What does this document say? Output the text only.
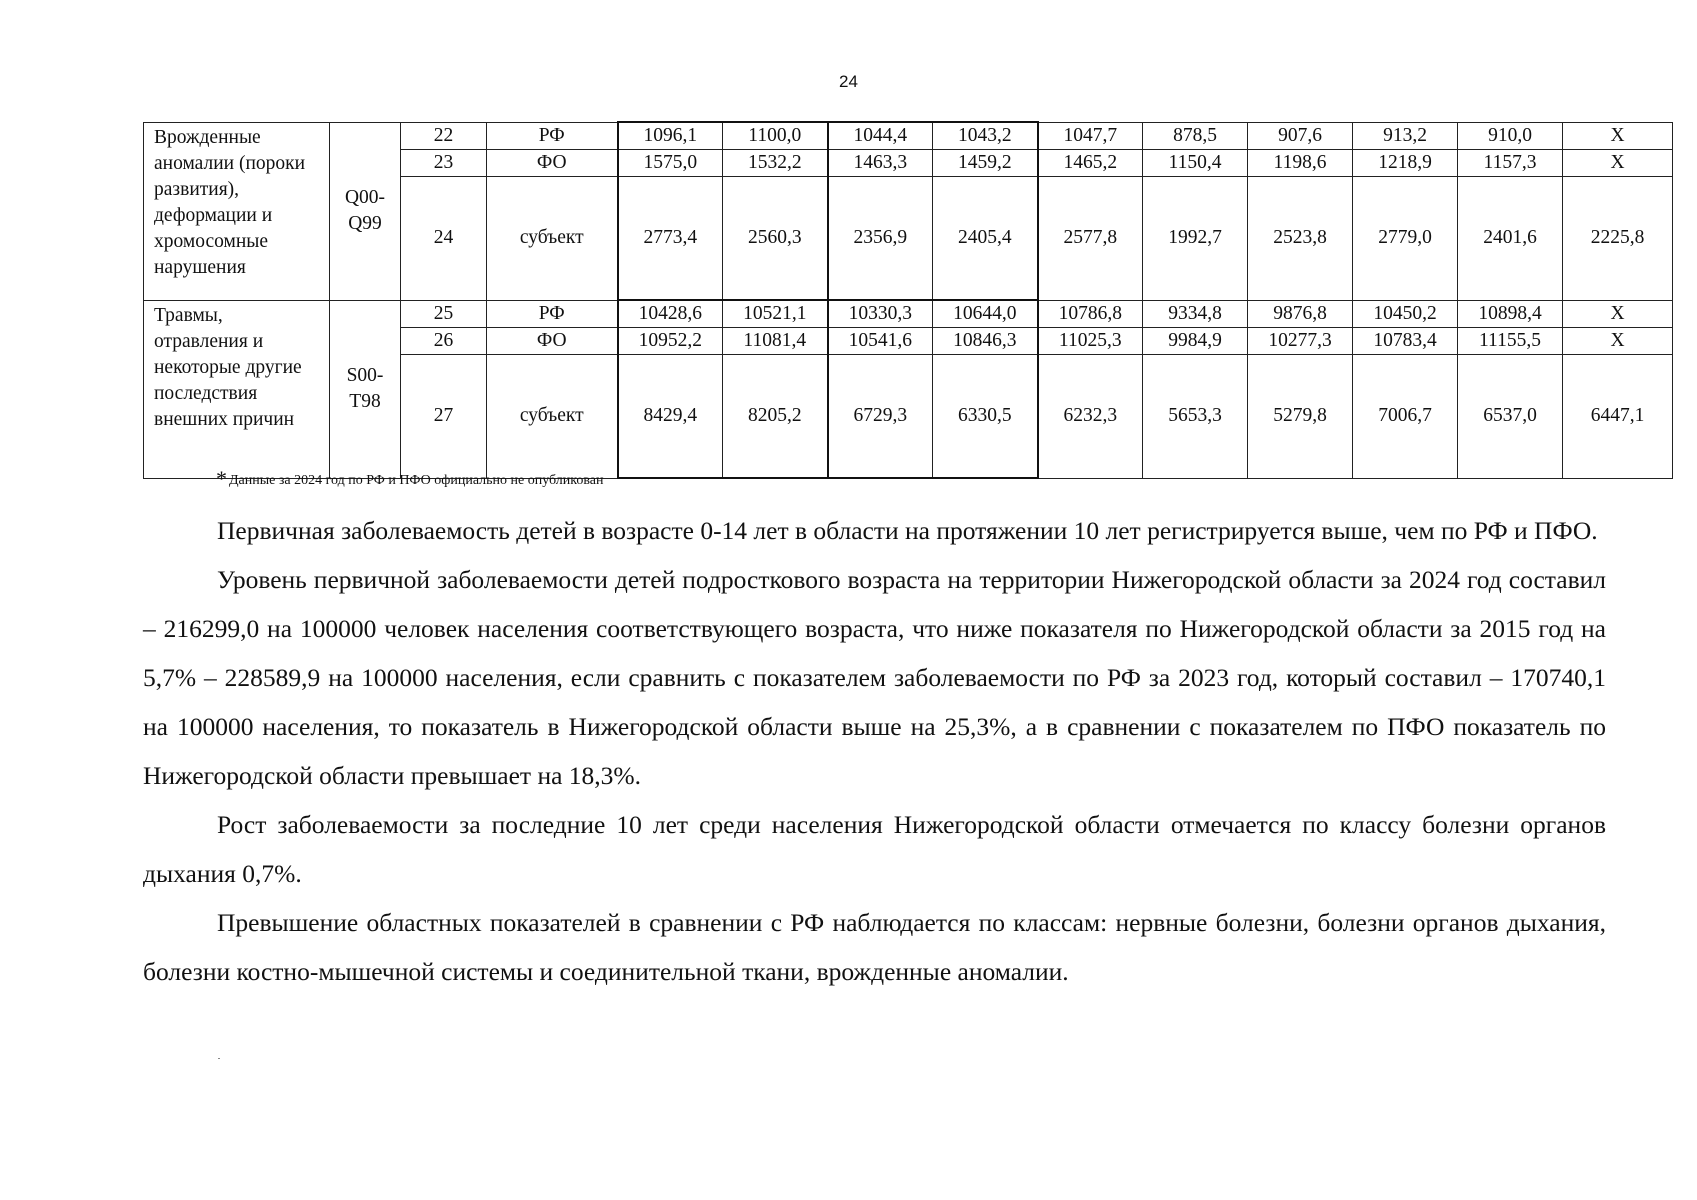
24
Врожденные аномалии (пороки развития), деформации и хромосомные нарушения	Q00-Q99	22	РФ	1096,1	1100,0	1044,4	1043,2	1047,7	878,5	907,6	913,2	910,0	Х
		23	ФО	1575,0	1532,2	1463,3	1459,2	1465,2	1150,4	1198,6	1218,9	1157,3	Х
		24	субъект	2773,4	2560,3	2356,9	2405,4	2577,8	1992,7	2523,8	2779,0	2401,6	2225,8
Травмы, отравления и некоторые другие последствия внешних причин	S00-T98	25	РФ	10428,6	10521,1	10330,3	10644,0	10786,8	9334,8	9876,8	10450,2	10898,4	Х
		26	ФО	10952,2	11081,4	10541,6	10846,3	11025,3	9984,9	10277,3	10783,4	11155,5	Х
		27	субъект	8429,4	8205,2	6729,3	6330,5	6232,3	5653,3	5279,8	7006,7	6537,0	6447,1
* Данные за 2024 год по РФ и ПФО официально не опубликован

Первичная заболеваемость детей в возрасте 0-14 лет в области на протяжении 10 лет регистрируется выше, чем по РФ и ПФО.

Уровень первичной заболеваемости детей подросткового возраста на территории Нижегородской области за 2024 год составил – 216299,0 на 100000 человек населения соответствующего возраста, что ниже показателя по Нижегородской области за 2015 год на 5,7% – 228589,9 на 100000 населения, если сравнить с показателем заболеваемости по РФ за 2023 год, который составил – 170740,1 на 100000 населения, то показатель в Нижегородской области выше на 25,3%, а в сравнении с показателем по ПФО показатель по Нижегородской области превышает на 18,3%.

Рост заболеваемости за последние 10 лет среди населения Нижегородской области отмечается по классу болезни органов дыхания 0,7%.

Превышение областных показателей в сравнении с РФ наблюдается по классам: нервные болезни, болезни органов дыхания, болезни костно-мышечной системы и соединительной ткани, врожденные аномалии.
